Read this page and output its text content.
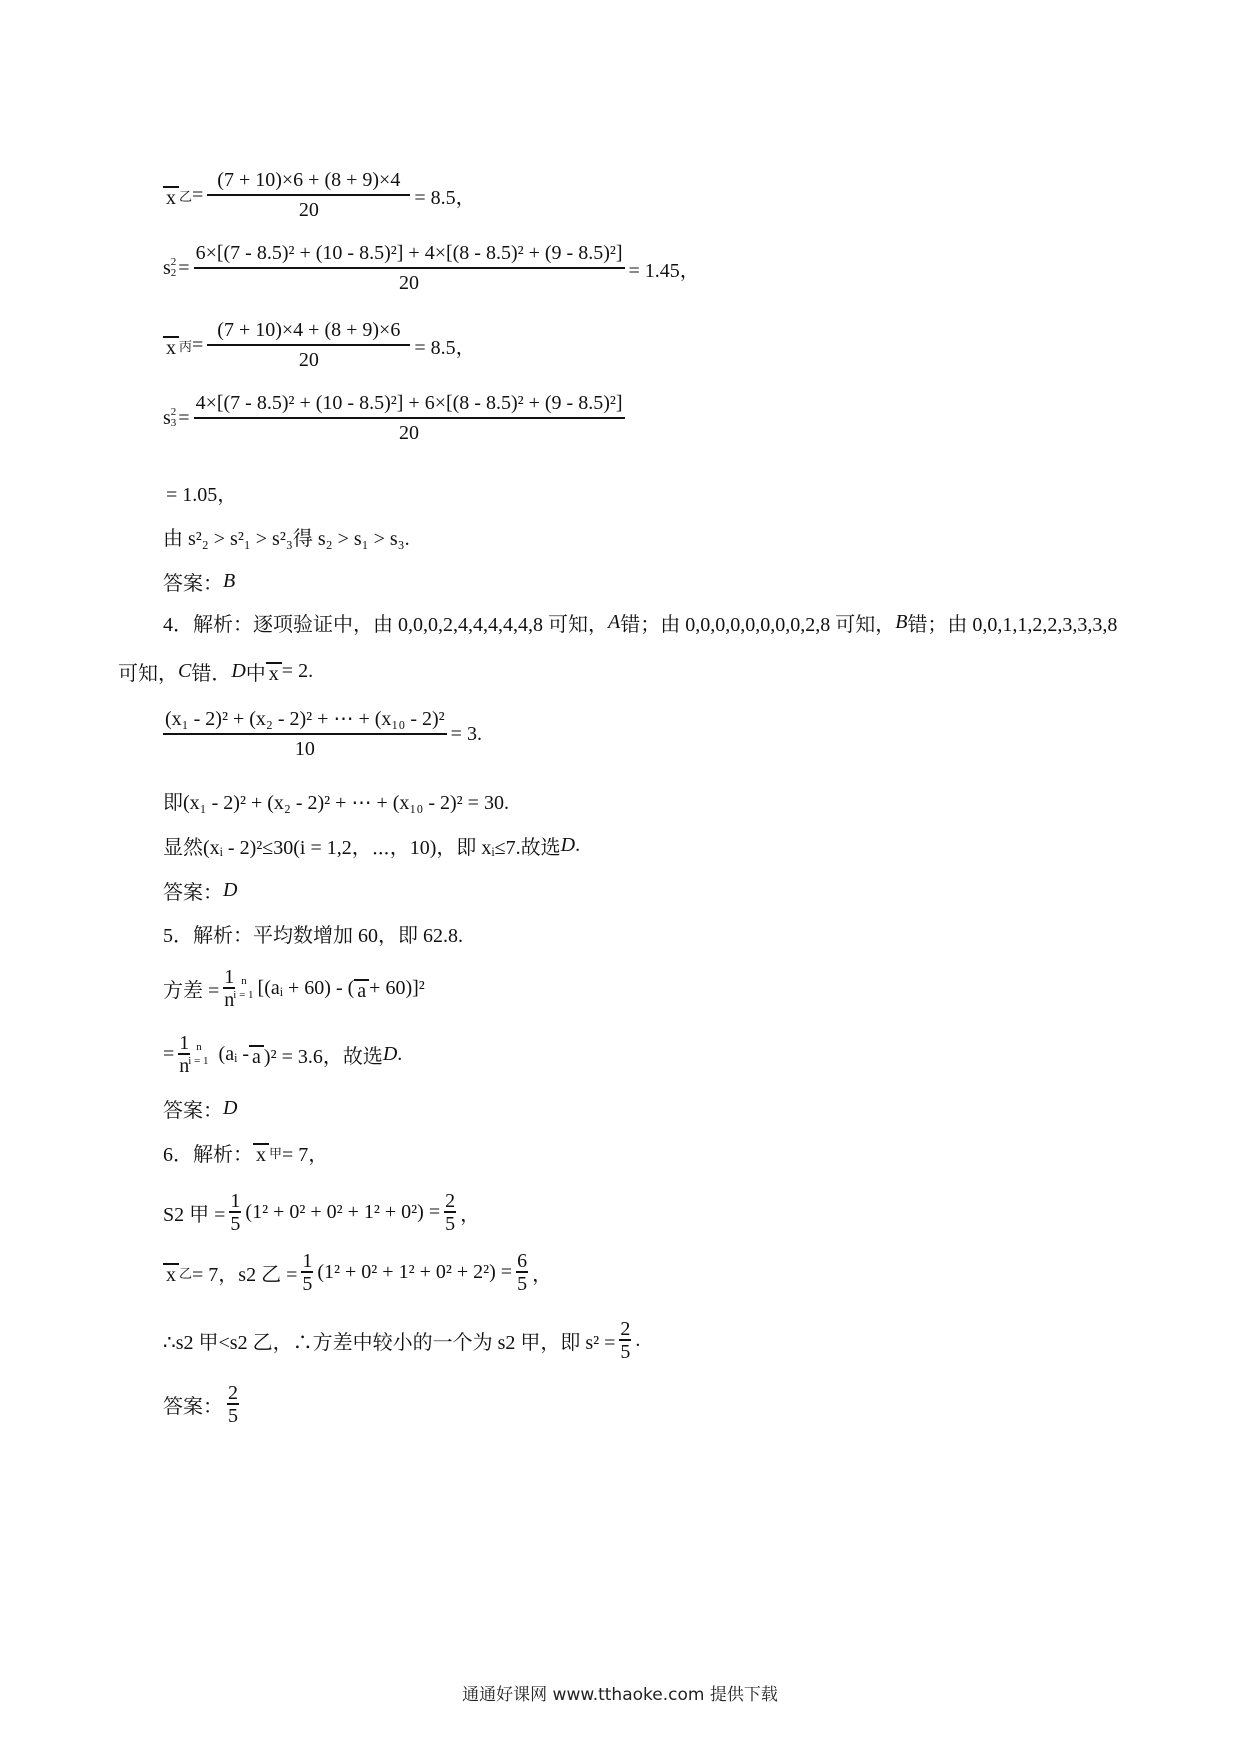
x 乙 = $\frac{(7 + 10)\times 6 + (8 + 9)\times 4}{20} = 8.5$，
s 2
$2 = \frac{\text{6×[(7 - 8.5)² + (10 - 8.5)²] + 4×[(8 - 8.5)² + (9 - 8.5)²]}}{20} = 1.45$，
x 丙 = $\frac{(7 + 10)\times 4 + (8 + 9)\times 6}{20} = 8.5$，
s 2
$3 = \frac{\text{4×[(7 - 8.5)² + (10 - 8.5)²] + 6×[(8 - 8.5)² + (9 - 8.5)²]}}{20}$
= 1.05，
由 s²₂ > s²₁ > s²₃得 s₂ > s₁ > s₃.
答案： B
4．解析：逐项验证中，由 0,0,0,2,4,4,4,4,4,8 可知， A 错；由 0,0,0,0,0,0,0,0,2,8 可知， B 错；由 0,0,1,1,2,2,3,3,3,8
可知， C 错． D 中 x = 2.
$\frac{\text{(x₁ - 2)² + (x₂ - 2)² + ⋯ + (x₁₀ - 2)²}}{10} = 3$.
即(x₁ - 2)² + (x₂ - 2)² + ⋯ + (x₁₀ - 2)² = 30.
显然(xᵢ - 2)²≤30(i = 1,2，⋯，10)，即 xᵢ≤7.故选 D .
答案： D
5．解析：平均数增加 60，即 62.8.
方差 = $\frac{1}{n}$ n
i = 1 [(aᵢ + 60) - ( a + 60)]²
= $\frac{1}{n}$ n
i = 1 (aᵢ - a )² = 3.6，故选 D .
答案： D
6．解析： x 甲 = 7，
S2 甲 = $\frac{1}{5} (1^2 + 0^2 + 0^2 + 1^2 + 0^2) = \frac{2}{5}$ ，
x 乙 = 7，s2 乙 = $\frac{1}{5} (1^2 + 0^2 + 1^2 + 0^2 + 2^2) = \frac{6}{5}$ ，
∴s2 甲<s2 乙，∴方差中较小的一个为 s2 甲，即 $s^2 = \frac{2}{5}$ .
答案： $\frac{2}{5}$
通通好课网 www.tthaoke.com 提供下载
